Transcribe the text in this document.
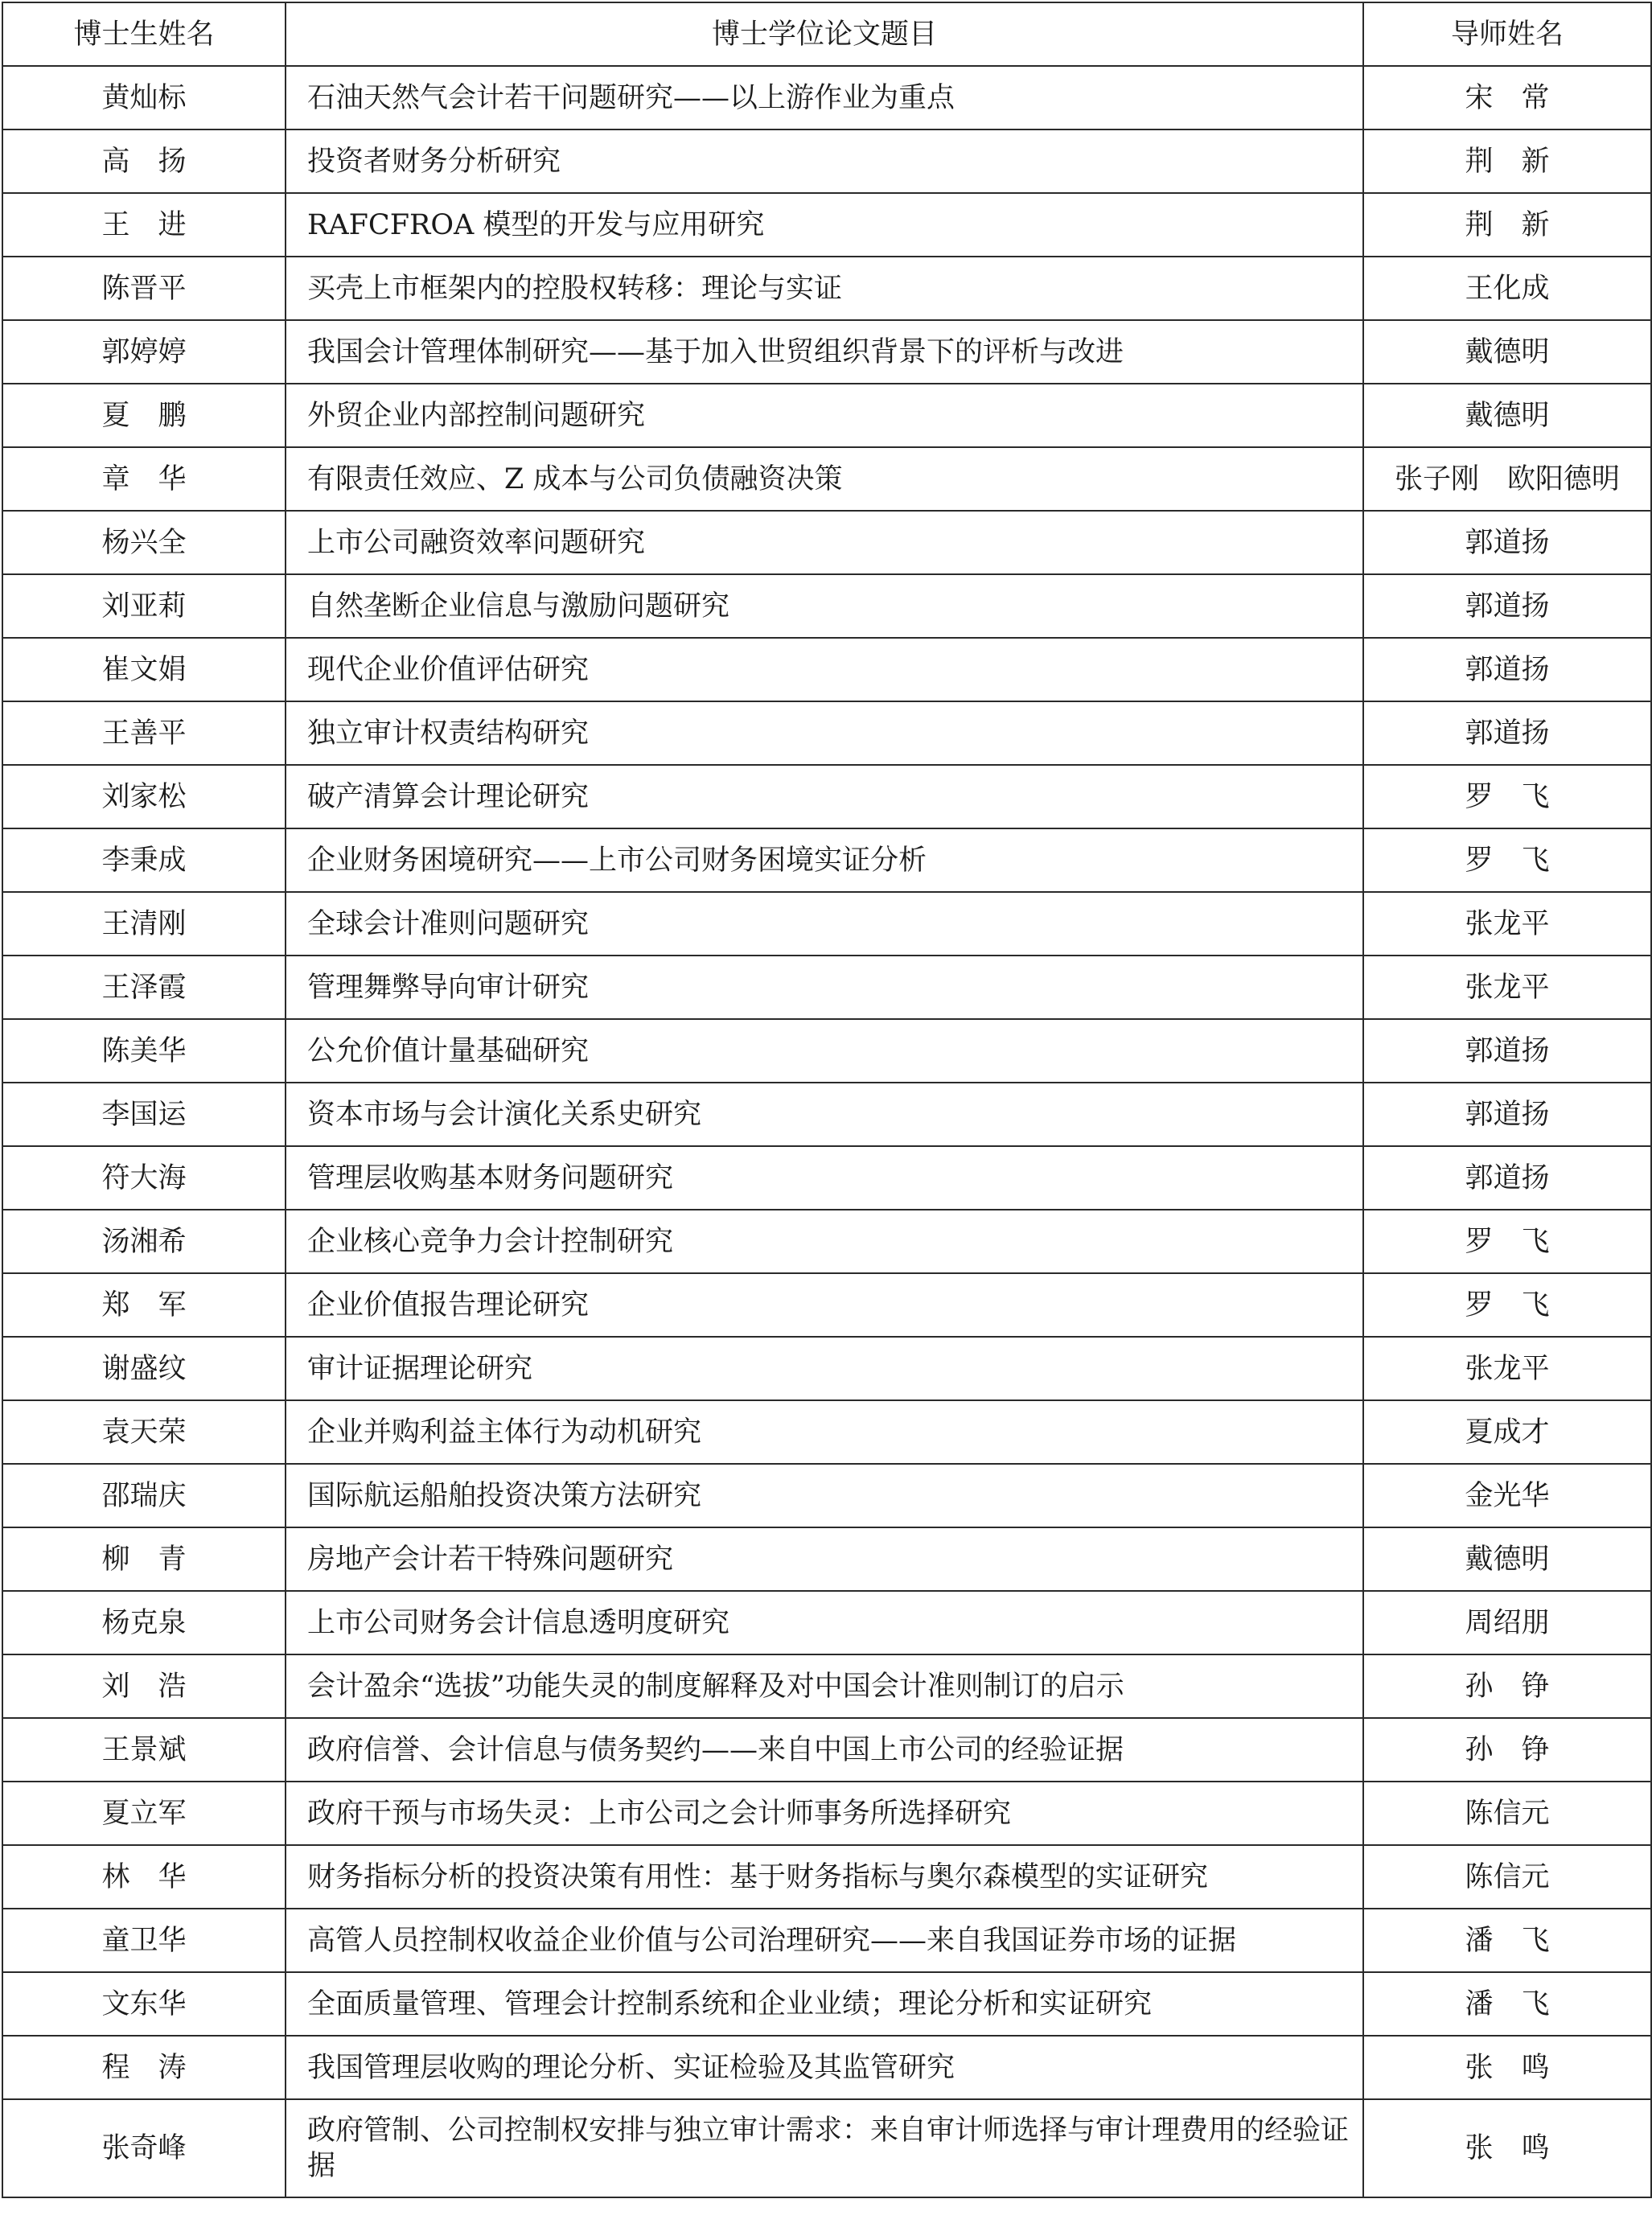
博士生姓名	博士学位论文题目	导师姓名
黄灿标	石油天然气会计若干问题研究——以上游作业为重点	宋　常
高　扬	投资者财务分析研究	荆　新
王　进	RAFCFROA 模型的开发与应用研究	荆　新
陈晋平	买壳上市框架内的控股权转移：理论与实证	王化成
郭婷婷	我国会计管理体制研究——基于加入世贸组织背景下的评析与改进	戴德明
夏　鹏	外贸企业内部控制问题研究	戴德明
章　华	有限责任效应、Z 成本与公司负债融资决策	张子刚　欧阳德明
杨兴全	上市公司融资效率问题研究	郭道扬
刘亚莉	自然垄断企业信息与激励问题研究	郭道扬
崔文娟	现代企业价值评估研究	郭道扬
王善平	独立审计权责结构研究	郭道扬
刘家松	破产清算会计理论研究	罗　飞
李秉成	企业财务困境研究——上市公司财务困境实证分析	罗　飞
王清刚	全球会计准则问题研究	张龙平
王泽霞	管理舞弊导向审计研究	张龙平
陈美华	公允价值计量基础研究	郭道扬
李国运	资本市场与会计演化关系史研究	郭道扬
符大海	管理层收购基本财务问题研究	郭道扬
汤湘希	企业核心竞争力会计控制研究	罗　飞
郑　军	企业价值报告理论研究	罗　飞
谢盛纹	审计证据理论研究	张龙平
袁天荣	企业并购利益主体行为动机研究	夏成才
邵瑞庆	国际航运船舶投资决策方法研究	金光华
柳　青	房地产会计若干特殊问题研究	戴德明
杨克泉	上市公司财务会计信息透明度研究	周绍朋
刘　浩	会计盈余“选拔”功能失灵的制度解释及对中国会计准则制订的启示	孙　铮
王景斌	政府信誉、会计信息与债务契约——来自中国上市公司的经验证据	孙　铮
夏立军	政府干预与市场失灵：上市公司之会计师事务所选择研究	陈信元
林　华	财务指标分析的投资决策有用性：基于财务指标与奥尔森模型的实证研究	陈信元
童卫华	高管人员控制权收益企业价值与公司治理研究——来自我国证券市场的证据	潘　飞
文东华	全面质量管理、管理会计控制系统和企业业绩；理论分析和实证研究	潘　飞
程　涛	我国管理层收购的理论分析、实证检验及其监管研究	张　鸣
张奇峰	政府管制、公司控制权安排与独立审计需求：来自审计师选择与审计理费用的经验证据	张　鸣
